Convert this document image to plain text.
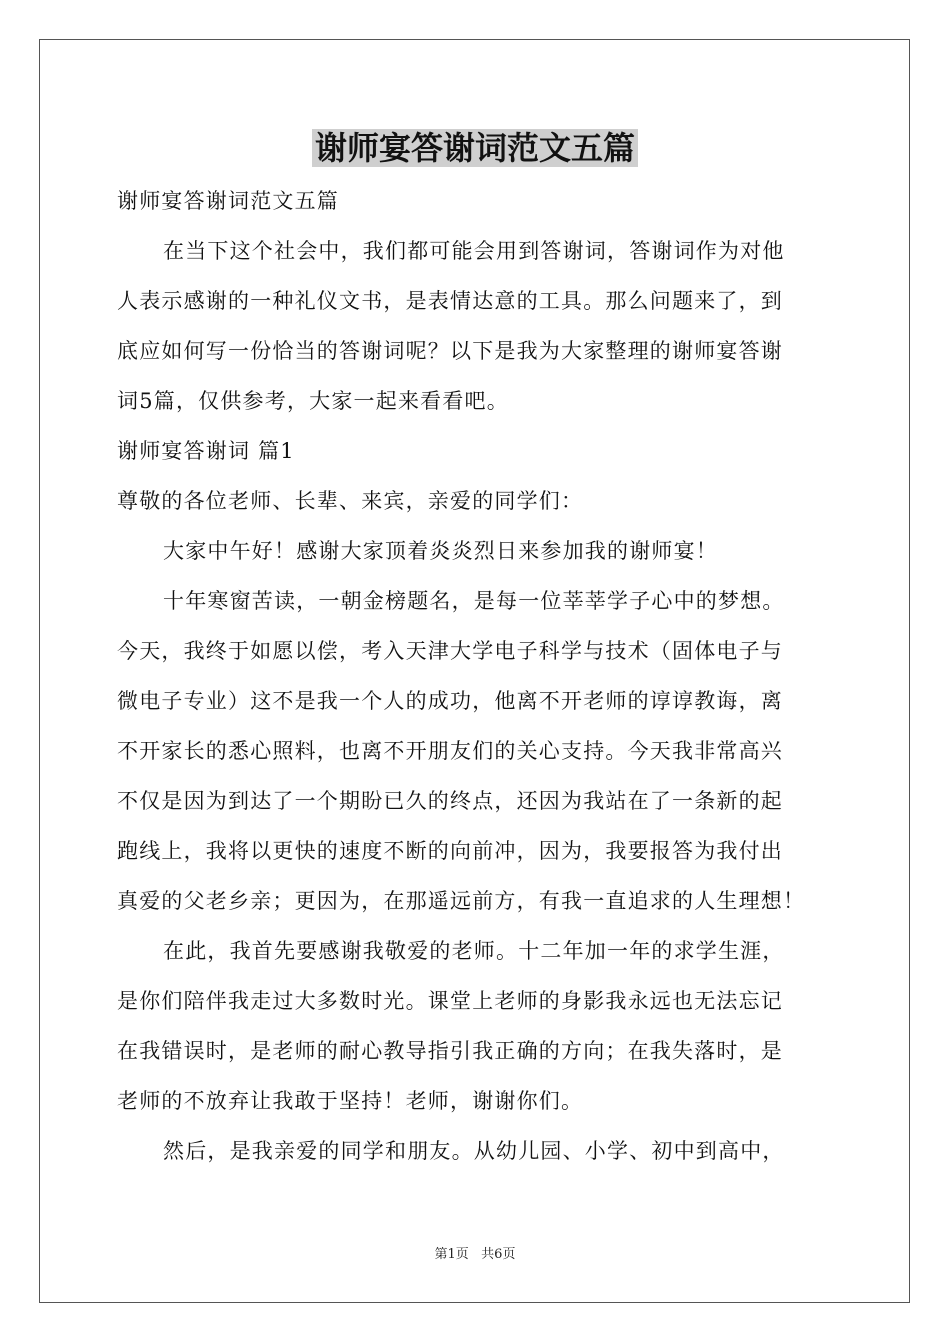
谢师宴答谢词范文五篇
谢师宴答谢词范文五篇
在当下这个社会中，我们都可能会用到答谢词，答谢词作为对他
人表示感谢的一种礼仪文书，是表情达意的工具。那么问题来了，到
底应如何写一份恰当的答谢词呢？以下是我为大家整理的谢师宴答谢
词5篇，仅供参考，大家一起来看看吧。
谢师宴答谢词 篇1
尊敬的各位老师、长辈、来宾，亲爱的同学们：
大家中午好！感谢大家顶着炎炎烈日来参加我的谢师宴！
十年寒窗苦读，一朝金榜题名，是每一位莘莘学子心中的梦想。
今天，我终于如愿以偿，考入天津大学电子科学与技术（固体电子与
微电子专业）这不是我一个人的成功，他离不开老师的谆谆教诲，离
不开家长的悉心照料，也离不开朋友们的关心支持。今天我非常高兴
不仅是因为到达了一个期盼已久的终点，还因为我站在了一条新的起
跑线上，我将以更快的速度不断的向前冲，因为，我要报答为我付出
真爱的父老乡亲；更因为，在那遥远前方，有我一直追求的人生理想！
在此，我首先要感谢我敬爱的老师。十二年加一年的求学生涯，
是你们陪伴我走过大多数时光。课堂上老师的身影我永远也无法忘记
在我错误时，是老师的耐心教导指引我正确的方向；在我失落时，是
老师的不放弃让我敢于坚持！老师，谢谢你们。
然后，是我亲爱的同学和朋友。从幼儿园、小学、初中到高中，
第1页   共6页
